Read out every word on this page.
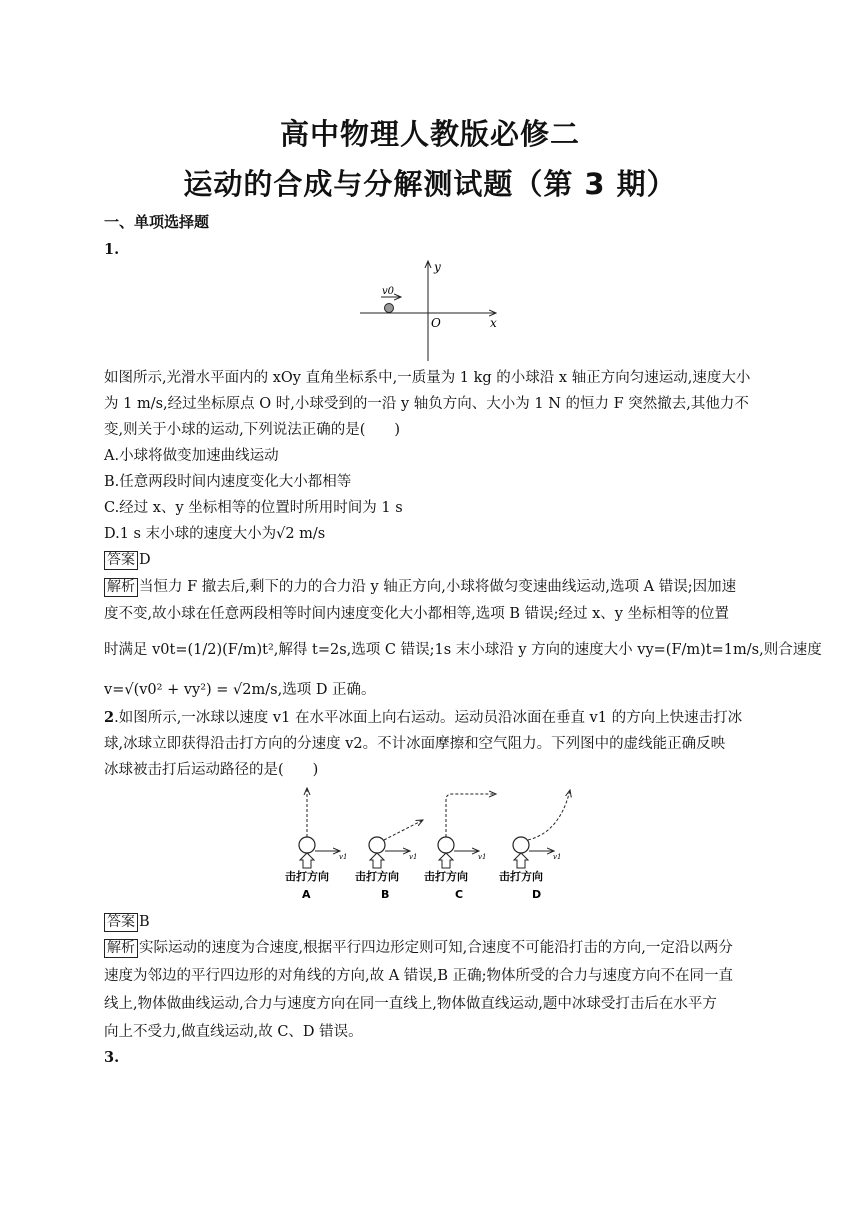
高中物理人教版必修二
运动的合成与分解测试题（第 3 期）
一、单项选择题
1.
v0
y
x
O
如图所示,光滑水平面内的 xOy 直角坐标系中,一质量为 1 kg 的小球沿 x 轴正方向匀速运动,速度大小
为 1 m/s,经过坐标原点 O 时,小球受到的一沿 y 轴负方向、大小为 1 N 的恒力 F 突然撤去,其他力不
变,则关于小球的运动,下列说法正确的是(　　)
A.小球将做变加速曲线运动
B.任意两段时间内速度变化大小都相等
C.经过 x、y 坐标相等的位置时所用时间为 1 s
D.1 s 末小球的速度大小为√2 m/s
答案 D
解析 当恒力 F 撤去后,剩下的力的合力沿 y 轴正方向,小球将做匀变速曲线运动,选项 A 错误;因加速
度不变,故小球在任意两段相等时间内速度变化大小都相等,选项 B 错误;经过 x、y 坐标相等的位置
时满足 v0t=(1/2)(F/m)t²,解得 t=2s,选项 C 错误;1s 末小球沿 y 方向的速度大小 vy=(F/m)t=1m/s,则合速度
v=√(v0² + vy²) = √2m/s,选项 D 正确。
2.如图所示,一冰球以速度 v1 在水平冰面上向右运动。运动员沿冰面在垂直 v1 的方向上快速击打冰
球,冰球立即获得沿击打方向的分速度 v2。不计冰面摩擦和空气阻力。下列图中的虚线能正确反映
冰球被击打后运动路径的是(　　)
v1
击打方向
A
v1
击打方向
B
v1
击打方向
C
v1
击打方向
D
答案 B
解析 实际运动的速度为合速度,根据平行四边形定则可知,合速度不可能沿打击的方向,一定沿以两分
速度为邻边的平行四边形的对角线的方向,故 A 错误,B 正确;物体所受的合力与速度方向不在同一直
线上,物体做曲线运动,合力与速度方向在同一直线上,物体做直线运动,题中冰球受打击后在水平方
向上不受力,做直线运动,故 C、D 错误。
3.
